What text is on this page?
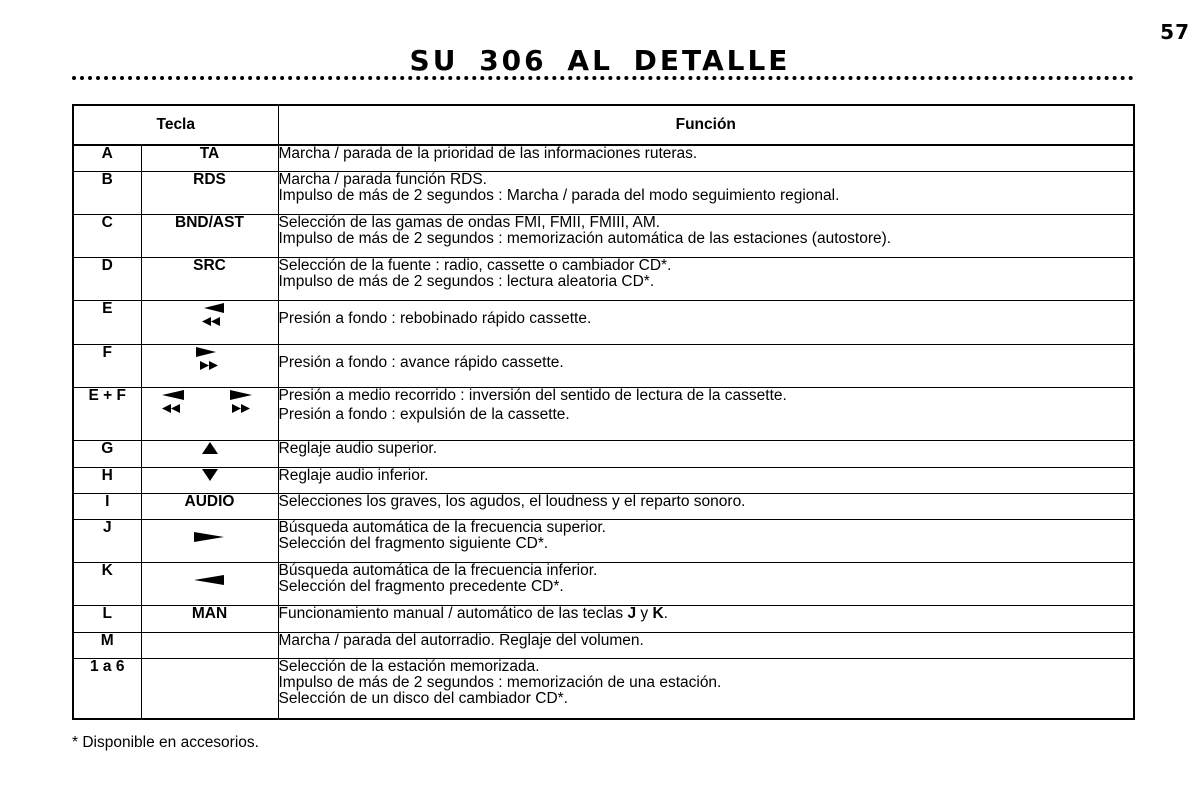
57
SU 306 AL DETALLE
Tecla		Función
A	TA	Marcha / parada de la prioridad de las informaciones ruteras.

B	RDS	Marcha / parada función RDS.
Impulso de más de 2 segundos : Marcha / parada del modo seguimiento regional.

C	BND/AST	Selección de las gamas de ondas FMI, FMII, FMIII, AM.
Impulso de más de 2 segundos : memorización automática de las estaciones (autostore).

D	SRC	Selección de la fuente : radio, cassette o cambiador CD*.
Impulso de más de 2 segundos : lectura aleatoria CD*.

E		Presión a fondo : rebobinado rápido cassette.

F		Presión a fondo : avance rápido cassette.

E + F		Presión a medio recorrido : inversión del sentido de lectura de la cassette.
Presión a fondo : expulsión de la cassette.

G		Reglaje audio superior.

H		Reglaje audio inferior.

I	AUDIO	Selecciones los graves, los agudos, el loudness y el reparto sonoro.

J		Búsqueda automática de la frecuencia superior.
Selección del fragmento siguiente CD*.

K		Búsqueda automática de la frecuencia inferior.
Selección del fragmento precedente CD*.

L	MAN	Funcionamiento manual / automático de las teclas J y K.

M		Marcha / parada del autorradio. Reglaje del volumen.

1 a 6		Selección de la estación memorizada.
Impulso de más de 2 segundos : memorización de una estación.
Selección de un disco del cambiador CD*.
* Disponible en accesorios.
